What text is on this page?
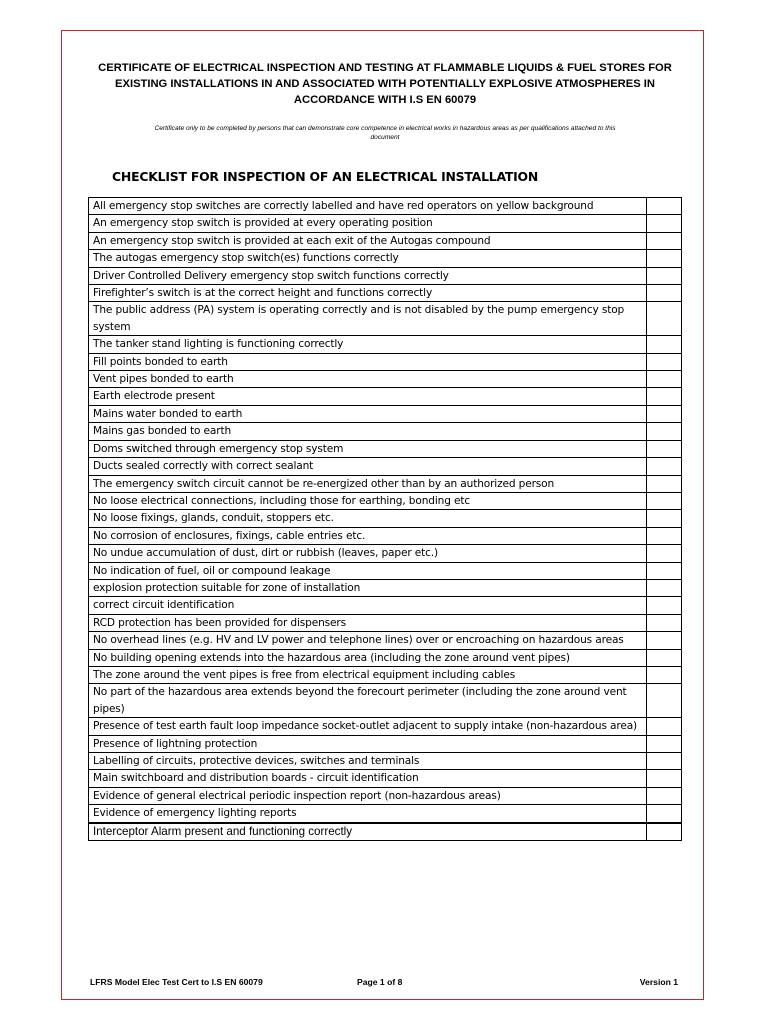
CERTIFICATE OF ELECTRICAL INSPECTION AND TESTING AT FLAMMABLE LIQUIDS & FUEL STORES FOR
EXISTING INSTALLATIONS IN AND ASSOCIATED WITH POTENTIALLY EXPLOSIVE ATMOSPHERES IN
ACCORDANCE WITH I.S EN 60079
Certificate only to be completed by persons that can demonstrate core competence in electrical works in hazardous areas as per qualifications attached to this document
CHECKLIST FOR INSPECTION OF AN ELECTRICAL INSTALLATION
All emergency stop switches are correctly labelled and have red operators on yellow background	
An emergency stop switch is provided at every operating position	
An emergency stop switch is provided at each exit of the Autogas compound	
The autogas emergency stop switch(es) functions correctly	
Driver Controlled Delivery emergency stop switch functions correctly	
Firefighter’s switch is at the correct height and functions correctly	
The public address (PA) system is operating correctly and is not disabled by the pump emergency stop system	
The tanker stand lighting is functioning correctly	
Fill points bonded to earth	
Vent pipes bonded to earth	
Earth electrode present	
Mains water bonded to earth	
Mains gas bonded to earth	
Doms switched through emergency stop system	
Ducts sealed correctly with correct sealant	
The emergency switch circuit cannot be re-energized other than by an authorized person	
No loose electrical connections, including those for earthing, bonding etc	
No loose fixings, glands, conduit, stoppers etc.	
No corrosion of enclosures, fixings, cable entries etc.	
No undue accumulation of dust, dirt or rubbish (leaves, paper etc.)	
No indication of fuel, oil or compound leakage	
explosion protection suitable for zone of installation	
correct circuit identification	
RCD protection has been provided for dispensers	
No overhead lines (e.g. HV and LV power and telephone lines) over or encroaching on hazardous areas	
No building opening extends into the hazardous area (including the zone around vent pipes)	
The zone around the vent pipes is free from electrical equipment including cables	
No part of the hazardous area extends beyond the forecourt perimeter (including the zone around vent pipes)	
Presence of test earth fault loop impedance socket-outlet adjacent to supply intake (non-hazardous area)	
Presence of lightning protection	
Labelling of circuits, protective devices, switches and terminals	
Main switchboard and distribution boards - circuit identification	
Evidence of general electrical periodic inspection report (non-hazardous areas)	
Evidence of emergency lighting reports	
Interceptor Alarm present and functioning correctly	
LFRS Model Elec Test Cert to I.S EN 60079	Page 1 of 8	Version 1
